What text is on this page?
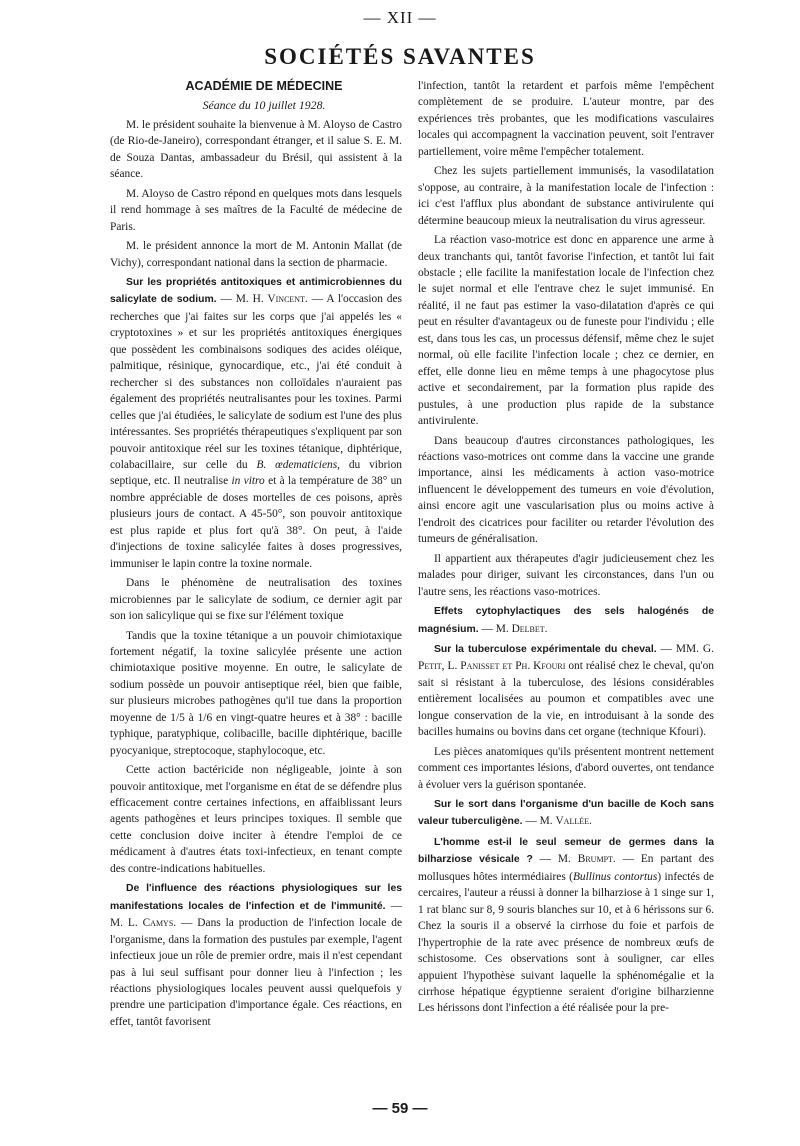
— XII —
SOCIÉTÉS SAVANTES

ACADÉMIE DE MÉDECINE

Séance du 10 juillet 1928.

M. le président souhaite la bienvenue à M. Aloyso de Castro (de Rio-de-Janeiro), correspondant étranger, et il salue S. E. M. de Souza Dantas, ambassadeur du Brésil, qui assistent à la séance.

M. Aloyso de Castro répond en quelques mots dans lesquels il rend hommage à ses maîtres de la Faculté de médecine de Paris.

M. le président annonce la mort de M. Antonin Mallat (de Vichy), correspondant national dans la section de pharmacie.

Sur les propriétés antitoxiques et antimicrobiennes du salicylate de sodium. — M. H. Vincent. — A l'occasion des recherches que j'ai faites sur les corps que j'ai appelés les « cryptotoxines » et sur les propriétés antitoxiques énergiques que possèdent les combinaisons sodiques des acides oléique, palmitique, résinique, gynocardique, etc., j'ai été conduit à rechercher si des substances non colloïdales n'auraient pas également des propriétés neutralisantes pour les toxines. Parmi celles que j'ai étudiées, le salicylate de sodium est l'une des plus intéressantes. Ses propriétés thérapeutiques s'expliquent par son pouvoir antitoxique réel sur les toxines tétanique, diphtérique, colabacillaire, sur celle du B. œdematiciens, du vibrion septique, etc. Il neutralise in vitro et à la température de 38° un nombre appréciable de doses mortelles de ces poisons, après plusieurs jours de contact. A 45-50°, son pouvoir antitoxique est plus rapide et plus fort qu'à 38°. On peut, à l'aide d'injections de toxine salicylée faites à doses progressives, immuniser le lapin contre la toxine normale.

Dans le phénomène de neutralisation des toxines microbiennes par le salicylate de sodium, ce dernier agit par son ion salicylique qui se fixe sur l'élément toxique

Tandis que la toxine tétanique a un pouvoir chimiotaxique fortement négatif, la toxine salicylée présente une action chimiotaxique positive moyenne. En outre, le salicylate de sodium possède un pouvoir antiseptique réel, bien que faible, sur plusieurs microbes pathogènes qu'il tue dans la proportion moyenne de 1/5 à 1/6 en vingt-quatre heures et à 38° : bacille typhique, paratyphique, colibacille, bacille diphtérique, bacille pyocyanique, streptocoque, staphylocoque, etc.

Cette action bactéricide non négligeable, jointe à son pouvoir antitoxique, met l'organisme en état de se défendre plus efficacement contre certaines infections, en affaiblissant leurs agents pathogènes et leurs principes toxiques. Il semble que cette conclusion doive inciter à étendre l'emploi de ce médicament à d'autres états toxi-infectieux, en tenant compte des contre-indications habituelles.

De l'influence des réactions physiologiques sur les manifestations locales de l'infection et de l'immunité. — M. L. Camys. — Dans la production de l'infection locale de l'organisme, dans la formation des pustules par exemple, l'agent infectieux joue un rôle de premier ordre, mais il n'est cependant pas à lui seul suffisant pour donner lieu à l'infection ; les réactions physiologiques locales peuvent aussi quelquefois y prendre une participation d'importance égale. Ces réactions, en effet, tantôt favorisent

l'infection, tantôt la retardent et parfois même l'empêchent complètement de se produire. L'auteur montre, par des expériences très probantes, que les modifications vasculaires locales qui accompagnent la vaccination peuvent, soit l'entraver partiellement, voire même l'empêcher totalement.

Chez les sujets partiellement immunisés, la vasodilatation s'oppose, au contraire, à la manifestation locale de l'infection : ici c'est l'afflux plus abondant de substance antivirulente qui détermine beaucoup mieux la neutralisation du virus agresseur.

La réaction vaso-motrice est donc en apparence une arme à deux tranchants qui, tantôt favorise l'infection, et tantôt lui fait obstacle ; elle facilite la manifestation locale de l'infection chez le sujet normal et elle l'entrave chez le sujet immunisé. En réalité, il ne faut pas estimer la vaso-dilatation d'après ce qui peut en résulter d'avantageux ou de funeste pour l'individu ; elle est, dans tous les cas, un processus défensif, même chez le sujet normal, où elle facilite l'infection locale ; chez ce dernier, en effet, elle donne lieu en même temps à une phagocytose plus active et secondairement, par la formation plus rapide des pustules, à une production plus rapide de la substance antivirulente.

Dans beaucoup d'autres circonstances pathologiques, les réactions vaso-motrices ont comme dans la vaccine une grande importance, ainsi les médicaments à action vaso-motrice influencent le développement des tumeurs en voie d'évolution, ainsi encore agit une vascularisation plus ou moins active à l'endroit des cicatrices pour faciliter ou retarder l'évolution des tumeurs de généralisation.

Il appartient aux thérapeutes d'agir judicieusement chez les malades pour diriger, suivant les circonstances, dans l'un ou l'autre sens, les réactions vaso-motrices.

Effets cytophylactiques des sels halogénés de magnésium. — M. Delbet.

Sur la tuberculose expérimentale du cheval. — MM. G. Petit, L. Panisset et Ph. Kfouri ont réalisé chez le cheval, qu'on sait si résistant à la tuberculose, des lésions considérables entièrement localisées au poumon et compatibles avec une longue conservation de la vie, en introduisant à la sonde des bacilles humains ou bovins dans cet organe (technique Kfouri).

Les pièces anatomiques qu'ils présentent montrent nettement comment ces importantes lésions, d'abord ouvertes, ont tendance à évoluer vers la guérison spontanée.

Sur le sort dans l'organisme d'un bacille de Koch sans valeur tuberculigène. — M. Vallée.

L'homme est-il le seul semeur de germes dans la bilharziose vésicale ? — M. Brumpt. — En partant des mollusques hôtes intermédiaires (Bullinus contortus) infectés de cercaires, l'auteur a réussi à donner la bilharziose à 1 singe sur 1, 1 rat blanc sur 8, 9 souris blanches sur 10, et à 6 hérissons sur 6. Chez la souris il a observé la cirrhose du foie et parfois de l'hypertrophie de la rate avec présence de nombreux œufs de schistosome. Ces observations sont à souligner, car elles appuient l'hypothèse suivant laquelle la sphénomégalie et la cirrhose hépatique égyptienne seraient d'origine bilharzienne Les hérissons dont l'infection a été réalisée pour la pre-

— 59 —
